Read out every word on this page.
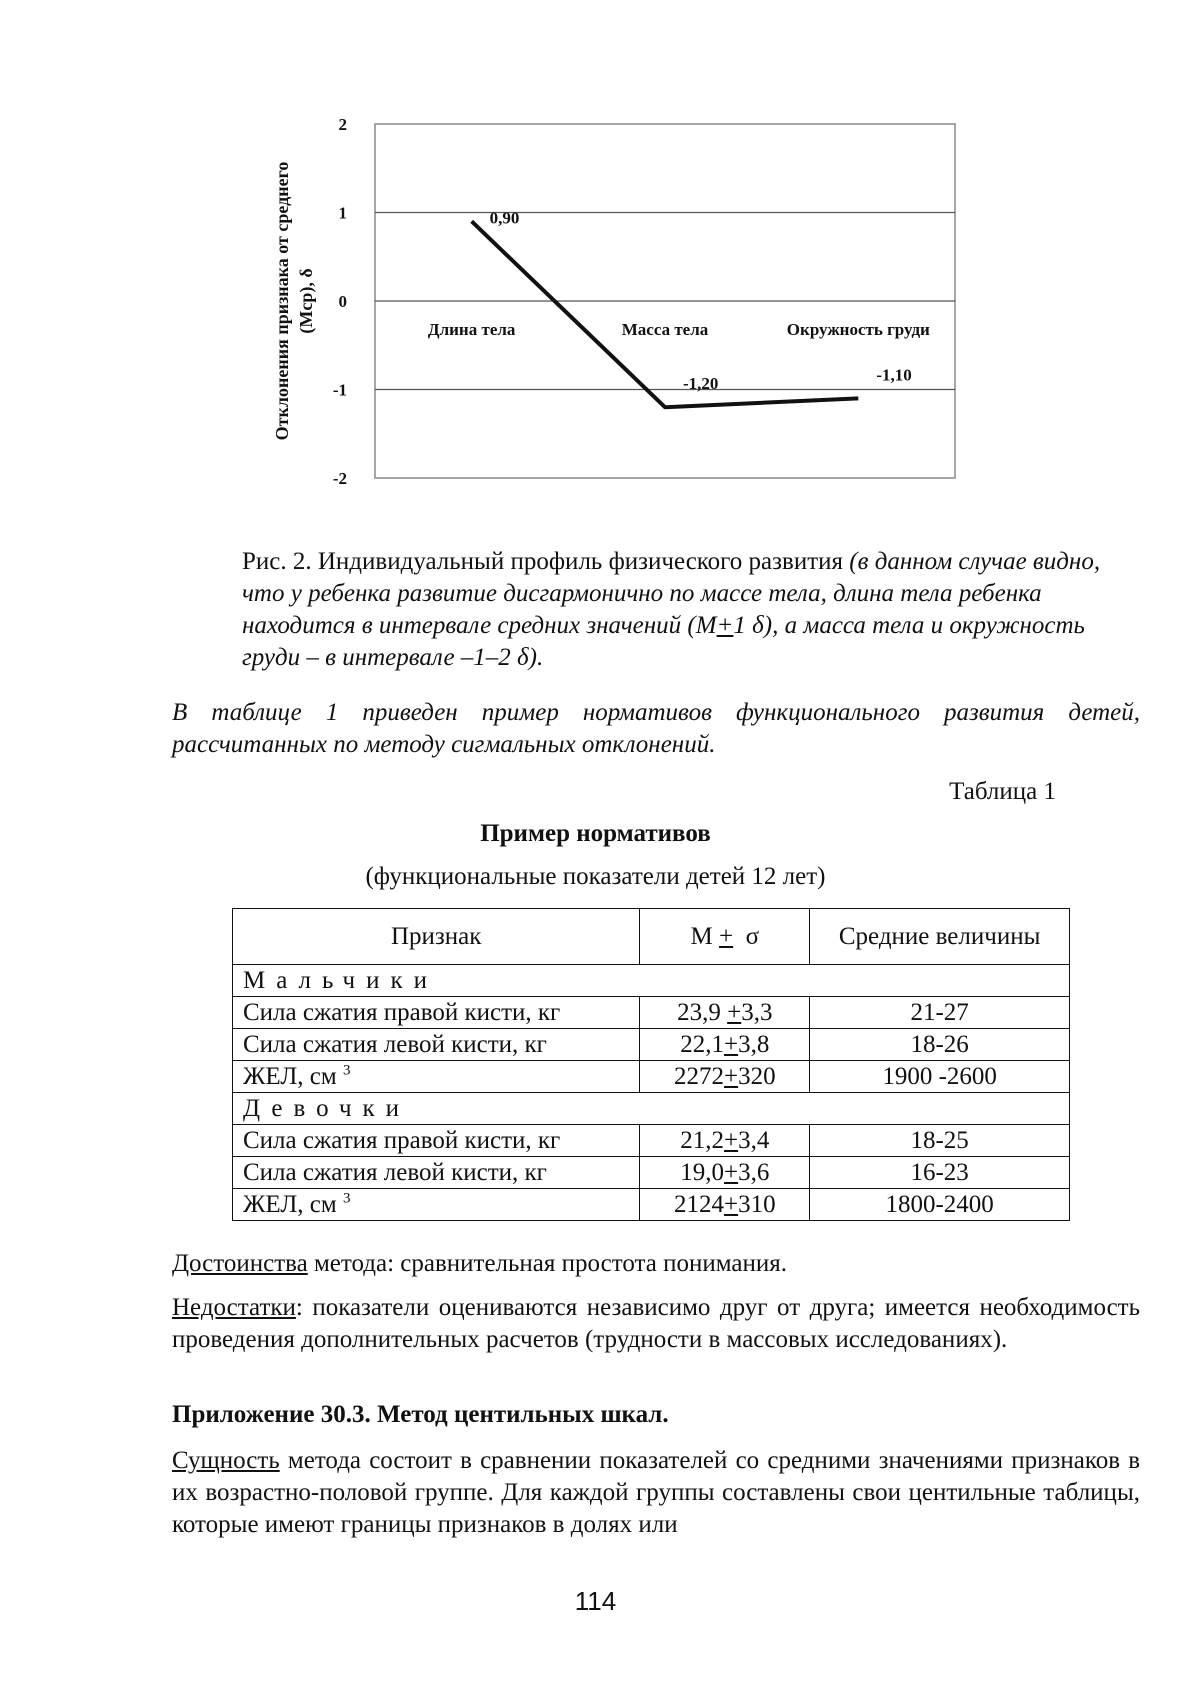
2
1
0
-1
-2
Длина тела	Масса тела	Окружность груди
0,90
-1,20	-1,10
Отклонения признака от среднего (Мср), δ
Рис. 2. Индивидуальный профиль физического развития (в данном случае видно, что у ребенка развитие дисгармонично по массе тела, длина тела ребенка находится в интервале средних значений (М+1 δ), а масса тела и окружность груди – в интервале –1–2 δ).
В таблице 1 приведен пример нормативов функционального развития детей, рассчитанных по методу сигмальных отклонений.
Таблица 1
Пример нормативов
(функциональные показатели детей 12 лет)
Признак	М +  σ	Средние величины
Мальчики		
Сила сжатия правой кисти, кг	23,9 +3,3	21-27
Сила сжатия левой кисти, кг	22,1+3,8	18-26
ЖЕЛ, см $^3$	2272+320	1900 -2600
Девочки		
Сила сжатия правой кисти, кг	21,2+3,4	18-25
Сила сжатия левой кисти, кг	19,0+3,6	16-23
ЖЕЛ, см $^3$	2124+310	1800-2400
Достоинства метода: сравнительная простота понимания.
Недостатки: показатели оцениваются независимо друг от друга; имеется необходимость проведения дополнительных расчетов (трудности в массовых исследованиях).
Приложение 30.3. Метод центильных шкал.
Сущность метода состоит в сравнении показателей со средними значениями признаков в их возрастно-половой группе. Для каждой группы составлены свои центильные таблицы, которые имеют границы признаков в долях или
114
